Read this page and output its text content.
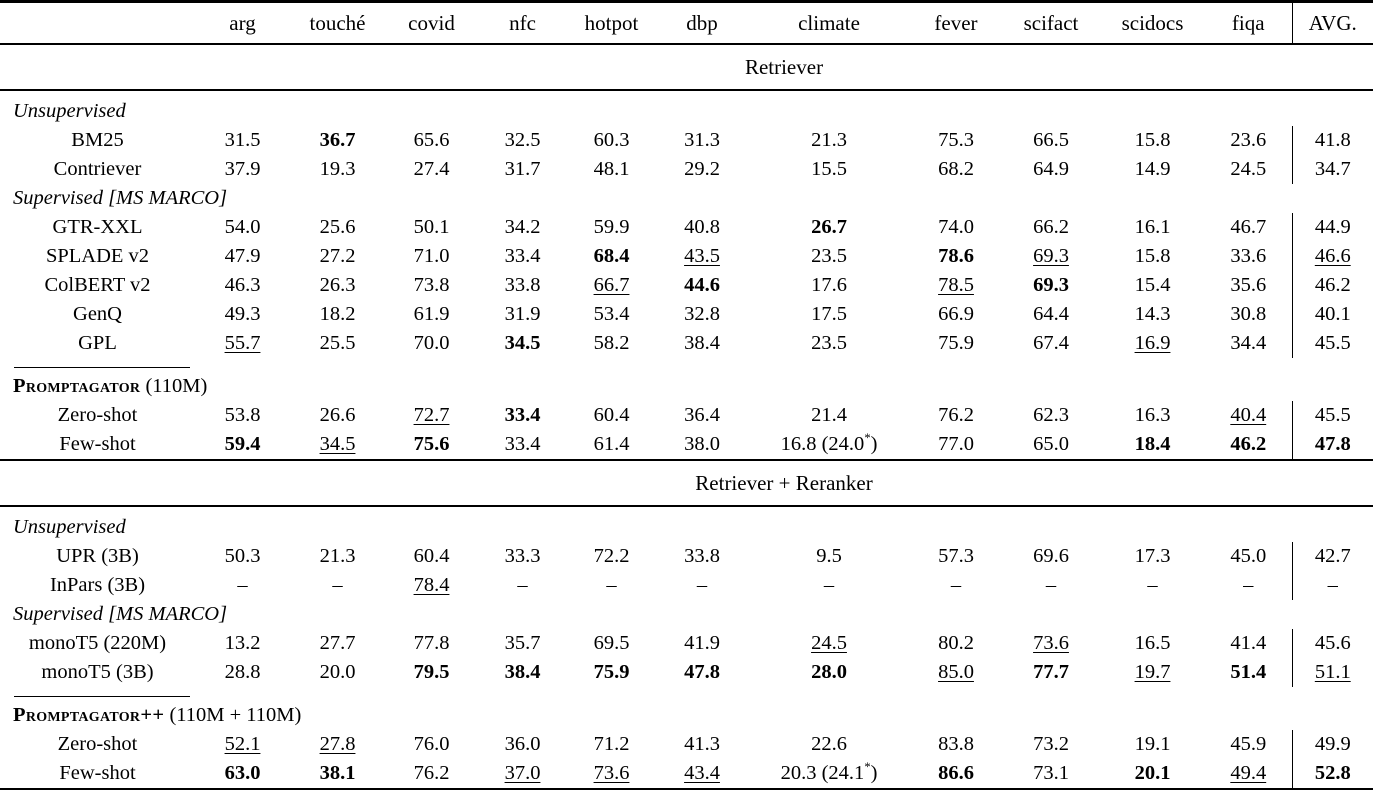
	arg	touché	covid	nfc	hotpot	dbp	climate	fever	scifact	scidocs	fiqa	AVG.
	Retriever											
Unsupervised												
BM25	31.5	36.7	65.6	32.5	60.3	31.3	21.3	75.3	66.5	15.8	23.6	41.8
Contriever	37.9	19.3	27.4	31.7	48.1	29.2	15.5	68.2	64.9	14.9	24.5	34.7
Supervised [MS MARCO]												
GTR-XXL	54.0	25.6	50.1	34.2	59.9	40.8	26.7	74.0	66.2	16.1	46.7	44.9
SPLADE v2	47.9	27.2	71.0	33.4	68.4	43.5	23.5	78.6	69.3	15.8	33.6	46.6
ColBERT v2	46.3	26.3	73.8	33.8	66.7	44.6	17.6	78.5	69.3	15.4	35.6	46.2
GenQ	49.3	18.2	61.9	31.9	53.4	32.8	17.5	66.9	64.4	14.3	30.8	40.1
GPL	55.7	25.5	70.0	34.5	58.2	38.4	23.5	75.9	67.4	16.9	34.4	45.5

Promptagator (110M)												
Zero-shot	53.8	26.6	72.7	33.4	60.4	36.4	21.4	76.2	62.3	16.3	40.4	45.5
Few-shot	59.4	34.5	75.6	33.4	61.4	38.0	16.8 (24.0*)	77.0	65.0	18.4	46.2	47.8
	Retriever + Reranker											
Unsupervised												
UPR (3B)	50.3	21.3	60.4	33.3	72.2	33.8	9.5	57.3	69.6	17.3	45.0	42.7
InPars (3B)	–	–	78.4	–	–	–	–	–	–	–	–	–
Supervised [MS MARCO]												
monoT5 (220M)	13.2	27.7	77.8	35.7	69.5	41.9	24.5	80.2	73.6	16.5	41.4	45.6
monoT5 (3B)	28.8	20.0	79.5	38.4	75.9	47.8	28.0	85.0	77.7	19.7	51.4	51.1

Promptagator++ (110M + 110M)												
Zero-shot	52.1	27.8	76.0	36.0	71.2	41.3	22.6	83.8	73.2	19.1	45.9	49.9
Few-shot	63.0	38.1	76.2	37.0	73.6	43.4	20.3 (24.1*)	86.6	73.1	20.1	49.4	52.8
